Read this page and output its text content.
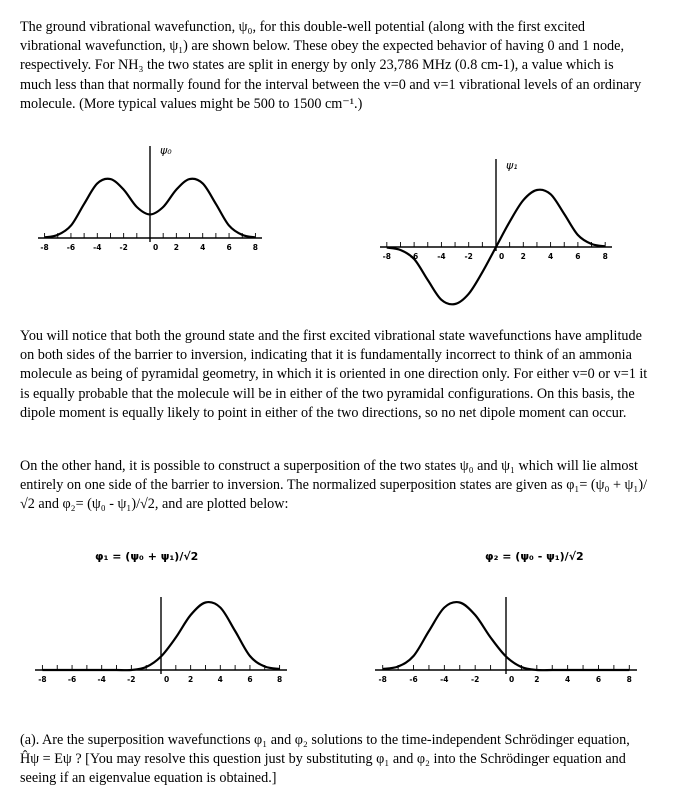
The ground vibrational wavefunction, ψ₀, for this double-well potential (along with the first excited vibrational wavefunction, ψ₁) are shown below. These obey the expected behavior of having 0 and 1 node, respectively. For NH₃ the two states are split in energy by only 23,786 MHz (0.8 cm-1), a value which is much less than that normally found for the interval between the v=0 and v=1 vibrational levels of an ordinary molecule. (More typical values might be 500 to 1500 cm⁻¹.)

-8 -6 -4 -2	0 2	4	6	8
ψ₀
-8	-6	-4	-2	0 2	4	6	8
ψ₁

You will notice that both the ground state and the first excited vibrational state wavefunctions have amplitude on both sides of the barrier to inversion, indicating that it is fundamentally incorrect to think of an ammonia molecule as being of pyramidal geometry, in which it is oriented in one direction only. For either v=0 or v=1 it is equally probable that the molecule will be in either of the two pyramidal configurations. On this basis, the dipole moment is equally likely to point in either of the two directions, so no net dipole moment can occur.

On the other hand, it is possible to construct a superposition of the two states ψ₀ and ψ₁ which will lie almost entirely on one side of the barrier to inversion. The normalized superposition states are given as φ₁= (ψ₀ + ψ₁)/√2 and φ₂= (ψ₀ - ψ₁)/√2, and are plotted below:

-8	-6	-4	-2	0	2	4	6	8
φ₁ = (ψ₀ + ψ₁)/√2
-8	-6	-4	-2	0	2	4	6	8
φ₂ = (ψ₀ - ψ₁)/√2

(a). Are the superposition wavefunctions φ₁ and φ₂ solutions to the time-independent Schrödinger equation, Ĥψ = Eψ ? [You may resolve this question just by substituting φ₁ and φ₂ into the Schrödinger equation and seeing if an eigenvalue equation is obtained.]
